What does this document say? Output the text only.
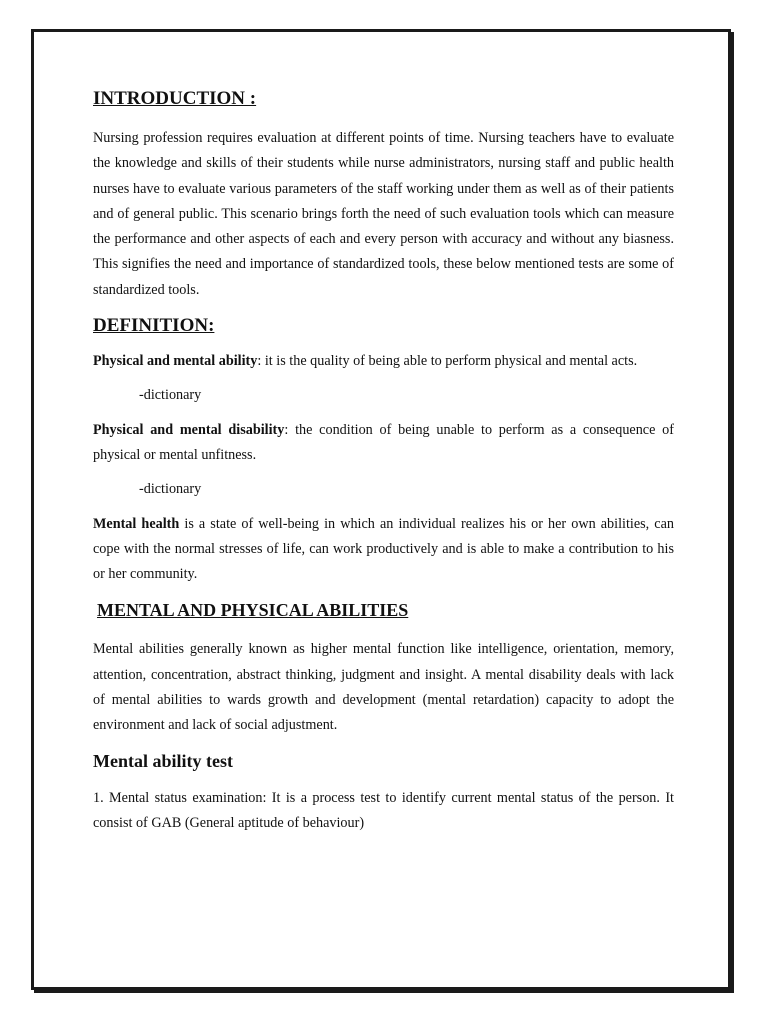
INTRODUCTION :

Nursing profession requires evaluation at different points of time. Nursing teachers have to evaluate the knowledge and skills of their students while nurse administrators, nursing staff and public health nurses have to evaluate various parameters of the staff working under them as well as of their patients and of general public. This scenario brings forth the need of such evaluation tools which can measure the performance and other aspects of each and every person with accuracy and without any biasness. This signifies the need and importance of standardized tools, these below mentioned tests are some of standardized tools.

DEFINITION:

Physical and mental ability: it is the quality of being able to perform physical and mental acts.

-dictionary

Physical and mental disability: the condition of being unable to perform as a consequence of physical or mental unfitness.

-dictionary

Mental health is a state of well-being in which an individual realizes his or her own abilities, can cope with the normal stresses of life, can work productively and is able to make a contribution to his or her community.

MENTAL AND PHYSICAL ABILITIES

Mental abilities generally known as higher mental function like intelligence, orientation, memory, attention, concentration, abstract thinking, judgment and insight. A mental disability deals with lack of mental abilities to wards growth and development (mental retardation) capacity to adopt the environment and lack of social adjustment.

Mental ability test

1. Mental status examination: It is a process test to identify current mental status of the person. It consist of GAB (General aptitude of behaviour)
